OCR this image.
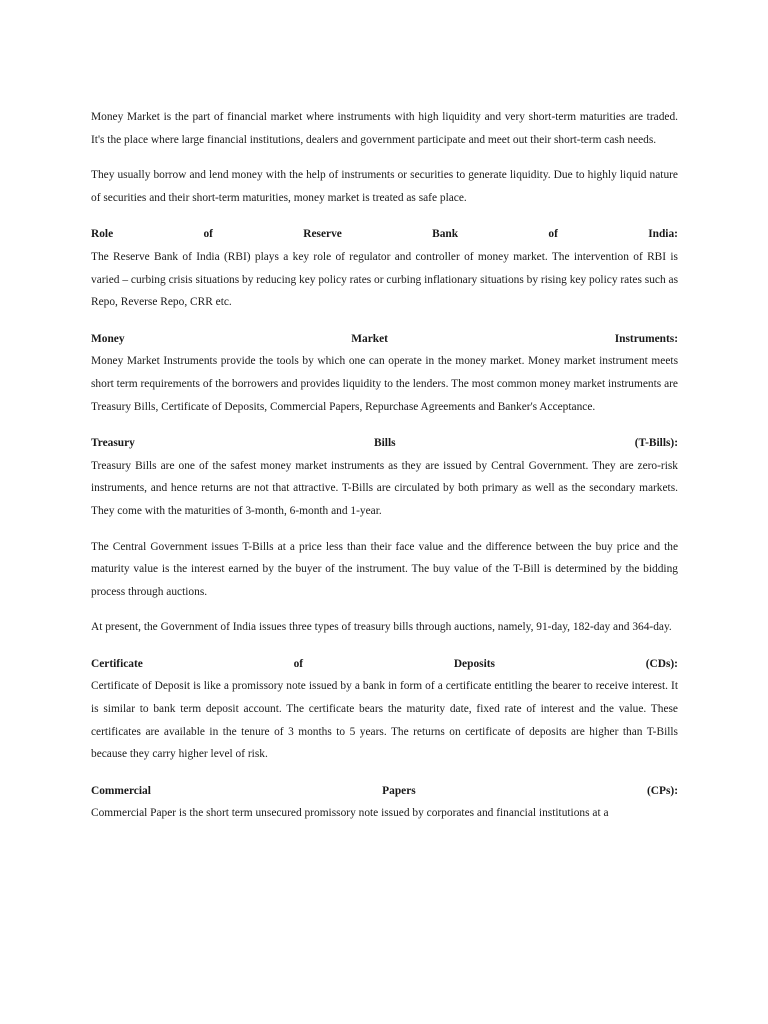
Money Market is the part of financial market where instruments with high liquidity and very short-term maturities are traded. It's the place where large financial institutions, dealers and government participate and meet out their short-term cash needs.

They usually borrow and lend money with the help of instruments or securities to generate liquidity. Due to highly liquid nature of securities and their short-term maturities, money market is treated as safe place.

Role	of	Reserve	Bank	of	India:

The Reserve Bank of India (RBI) plays a key role of regulator and controller of money market. The intervention of RBI is varied – curbing crisis situations by reducing key policy rates or curbing inflationary situations by rising key policy rates such as Repo, Reverse Repo, CRR etc.

Money	Market	Instruments:

Money Market Instruments provide the tools by which one can operate in the money market. Money market instrument meets short term requirements of the borrowers and provides liquidity to the lenders. The most common money market instruments are Treasury Bills, Certificate of Deposits, Commercial Papers, Repurchase Agreements and Banker's Acceptance.

Treasury	Bills	(T-Bills):

Treasury Bills are one of the safest money market instruments as they are issued by Central Government. They are zero-risk instruments, and hence returns are not that attractive. T-Bills are circulated by both primary as well as the secondary markets. They come with the maturities of 3-month, 6-month and 1-year.

The Central Government issues T-Bills at a price less than their face value and the difference between the buy price and the maturity value is the interest earned by the buyer of the instrument. The buy value of the T-Bill is determined by the bidding process through auctions.

At present, the Government of India issues three types of treasury bills through auctions, namely, 91-day, 182-day and 364-day.

Certificate	of	Deposits	(CDs):

Certificate of Deposit is like a promissory note issued by a bank in form of a certificate entitling the bearer to receive interest. It is similar to bank term deposit account. The certificate bears the maturity date, fixed rate of interest and the value. These certificates are available in the tenure of 3 months to 5 years. The returns on certificate of deposits are higher than T-Bills because they carry higher level of risk.

Commercial	Papers	(CPs):

Commercial Paper is the short term unsecured promissory note issued by corporates and financial institutions at a
